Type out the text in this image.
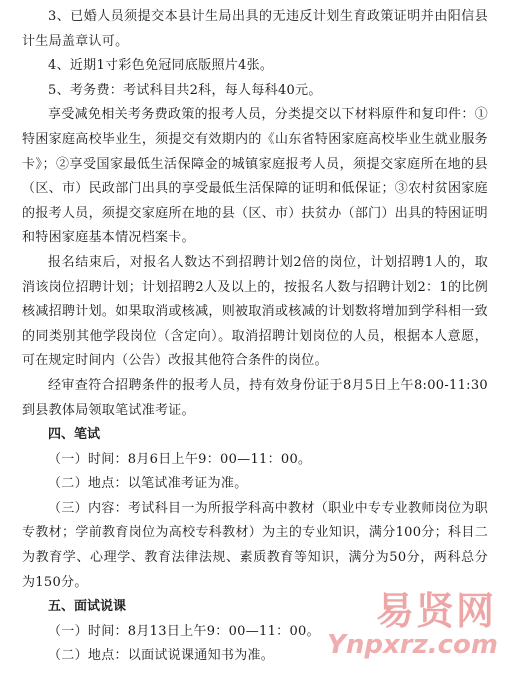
3、已婚人员须提交本县计生局出具的无违反计划生育政策证明并由阳信县计生局盖章认可。

4、近期1寸彩色免冠同底版照片4张。

5、考务费：考试科目共2科，每人每科40元。

享受减免相关考务费政策的报考人员，分类提交以下材料原件和复印件：①特困家庭高校毕业生，须提交有效期内的《山东省特困家庭高校毕业生就业服务卡》；②享受国家最低生活保障金的城镇家庭报考人员，须提交家庭所在地的县（区、市）民政部门出具的享受最低生活保障的证明和低保证；③农村贫困家庭的报考人员，须提交家庭所在地的县（区、市）扶贫办（部门）出具的特困证明和特困家庭基本情况档案卡。

报名结束后，对报名人数达不到招聘计划2倍的岗位，计划招聘1人的，取消该岗位招聘计划；计划招聘2人及以上的，按报名人数与招聘计划2：1的比例核减招聘计划。如果取消或核减，则被取消或核减的计划数将增加到学科相一致的同类别其他学段岗位（含定向）。取消招聘计划岗位的人员，根据本人意愿，可在规定时间内（公告）改报其他符合条件的岗位。

经审查符合招聘条件的报考人员，持有效身份证于8月5日上午8:00-11:30到县教体局领取笔试准考证。

四、笔试

（一）时间：8月6日上午9：00—11：00。

（二）地点：以笔试准考证为准。

（三）内容：考试科目一为所报学科高中教材（职业中专专业教师岗位为职专教材；学前教育岗位为高校专科教材）为主的专业知识，满分100分；科目二为教育学、心理学、教育法律法规、素质教育等知识，满分为50分，两科总分为150分。

五、面试说课

（一）时间：8月13日上午9：00—11：00。

（二）地点：以面试说课通知书为准。

易贤网
Ynpxrz.com
